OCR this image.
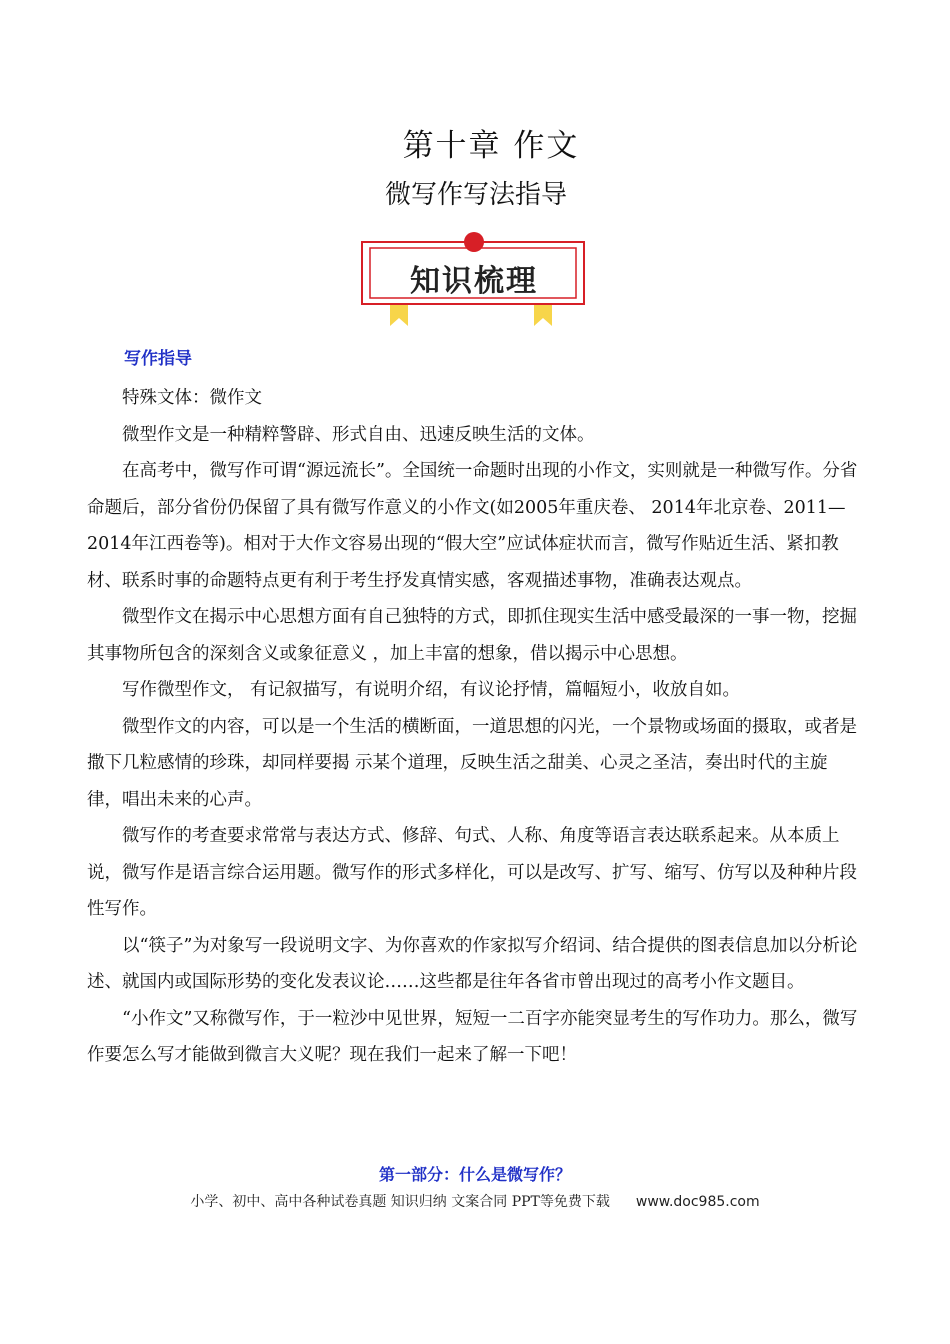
第十章 作文
微写作写法指导
知识梳理
写作指导

特殊文体：微作文

微型作文是一种精粹警辟、形式自由、迅速反映生活的文体。

在高考中，微写作可谓“源远流长”。全国统一命题时出现的小作文，实则就是一种微写作。分省命题后，部分省份仍保留了具有微写作意义的小作文(如2005年重庆卷、 2014年北京卷、2011—2014年江西卷等)。相对于大作文容易出现的“假大空”应试体症状而言，微写作贴近生活、紧扣教材、联系时事的命题特点更有利于考生抒发真情实感，客观描述事物，准确表达观点。

微型作文在揭示中心思想方面有自己独特的方式，即抓住现实生活中感受最深的一事一物，挖掘其事物所包含的深刻含义或象征意义 ，加上丰富的想象，借以揭示中心思想。

写作微型作文， 有记叙描写，有说明介绍，有议论抒情，篇幅短小，收放自如。

微型作文的内容，可以是一个生活的横断面，一道思想的闪光，一个景物或场面的摄取，或者是撒下几粒感情的珍珠，却同样要揭 示某个道理，反映生活之甜美、心灵之圣洁，奏出时代的主旋 律，唱出未来的心声。

微写作的考查要求常常与表达方式、修辞、句式、人称、角度等语言表达联系起来。从本质上说，微写作是语言综合运用题。微写作的形式多样化，可以是改写、扩写、缩写、仿写以及种种片段性写作。

以“筷子”为对象写一段说明文字、为你喜欢的作家拟写介绍词、结合提供的图表信息加以分析论述、就国内或国际形势的变化发表议论……这些都是往年各省市曾出现过的高考小作文题目。

“小作文”又称微写作，于一粒沙中见世界，短短一二百字亦能突显考生的写作功力。那么，微写作要怎么写才能做到微言大义呢？现在我们一起来了解一下吧！

第一部分：什么是微写作？
小学、初中、高中各种试卷真题 知识归纳 文案合同 PPT等免费下载 www.doc985.com
